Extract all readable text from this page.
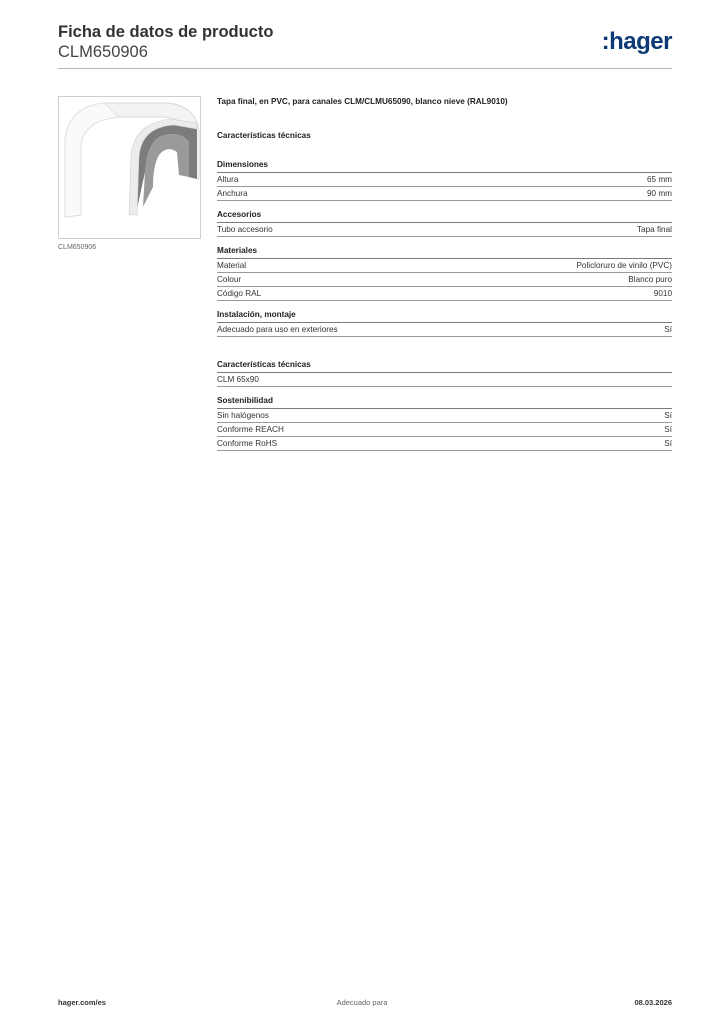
Ficha de datos de producto
CLM650906	:hager
CLM650906
Tapa final, en PVC, para canales CLM/CLMU65090, blanco nieve (RAL9010)
Características técnicas
Dimensiones
Altura	65 mm
Anchura	90 mm
Accesorios
Tubo accesorio	Tapa final
Materiales
Material	Policloruro de vinilo (PVC)
Colour	Blanco puro
Código RAL	9010
Instalación, montaje
Adecuado para uso en exteriores	Sí
Características técnicas
CLM 65x90
Sostenibilidad
Sin halógenos	Sí
Conforme REACH	Sí
Conforme RoHS	Sí
hager.com/es	Adecuado para	08.03.2026
